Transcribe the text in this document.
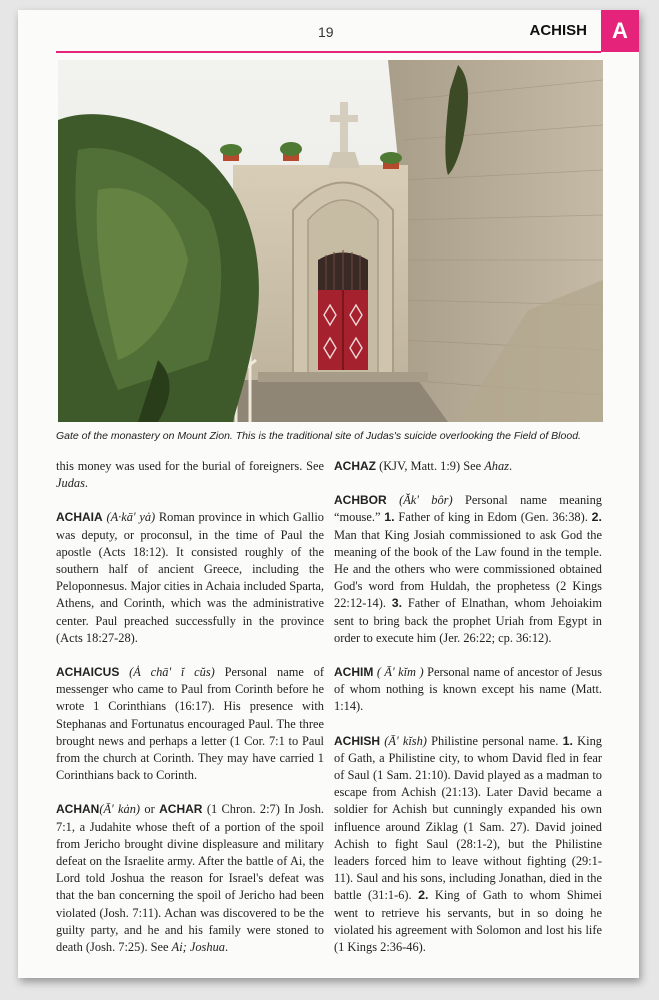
19	ACHISH	A
Gate of the monastery on Mount Zion. This is the traditional site of Judas's suicide overlooking the Field of Blood.

this money was used for the burial of foreigners. See Judas.

ACHAIA (A·kā' yȧ) Roman province in which Gallio was deputy, or proconsul, in the time of Paul the apostle (Acts 18:12). It consisted roughly of the southern half of ancient Greece, including the Peloponnesus. Major cities in Achaia included Sparta, Athens, and Corinth, which was the administrative center. Paul preached successfully in the province (Acts 18:27-28).

ACHAICUS (Ȧ chā' ĭ cŭs) Personal name of messenger who came to Paul from Corinth before he wrote 1 Corinthians (16:17). His presence with Stephanas and Fortunatus encouraged Paul. The three brought news and perhaps a letter (1 Cor. 7:1 to Paul from the church at Corinth. They may have carried 1 Corinthians back to Corinth.

ACHAN(Ā' kȧn) or ACHAR (1 Chron. 2:7) In Josh. 7:1, a Judahite whose theft of a portion of the spoil from Jericho brought divine displeasure and military defeat on the Israelite army. After the battle of Ai, the Lord told Joshua the reason for Israel's defeat was that the ban concerning the spoil of Jericho had been violated (Josh. 7:11). Achan was discovered to be the guilty party, and he and his family were stoned to death (Josh. 7:25). See Ai; Joshua.

ACHAZ (KJV, Matt. 1:9) See Ahaz.

ACHBOR (Ăk' bôr) Personal name meaning “mouse.” 1. Father of king in Edom (Gen. 36:38). 2. Man that King Josiah commissioned to ask God the meaning of the book of the Law found in the temple. He and the others who were commissioned obtained God's word from Huldah, the prophetess (2 Kings 22:12-14). 3. Father of Elnathan, whom Jehoiakim sent to bring back the prophet Uriah from Egypt in order to execute him (Jer. 26:22; cp. 36:12).

ACHIM ( Ā' kĭm ) Personal name of ancestor of Jesus of whom nothing is known except his name (Matt. 1:14).

ACHISH (Ā' kĭsh) Philistine personal name. 1. King of Gath, a Philistine city, to whom David fled in fear of Saul (1 Sam. 21:10). David played as a madman to escape from Achish (21:13). Later David became a soldier for Achish but cunningly expanded his own influence around Ziklag (1 Sam. 27). David joined Achish to fight Saul (28:1-2), but the Philistine leaders forced him to leave without fighting (29:1-11). Saul and his sons, including Jonathan, died in the battle (31:1-6). 2. King of Gath to whom Shimei went to retrieve his servants, but in so doing he violated his agreement with Solomon and lost his life (1 Kings 2:36-46).
